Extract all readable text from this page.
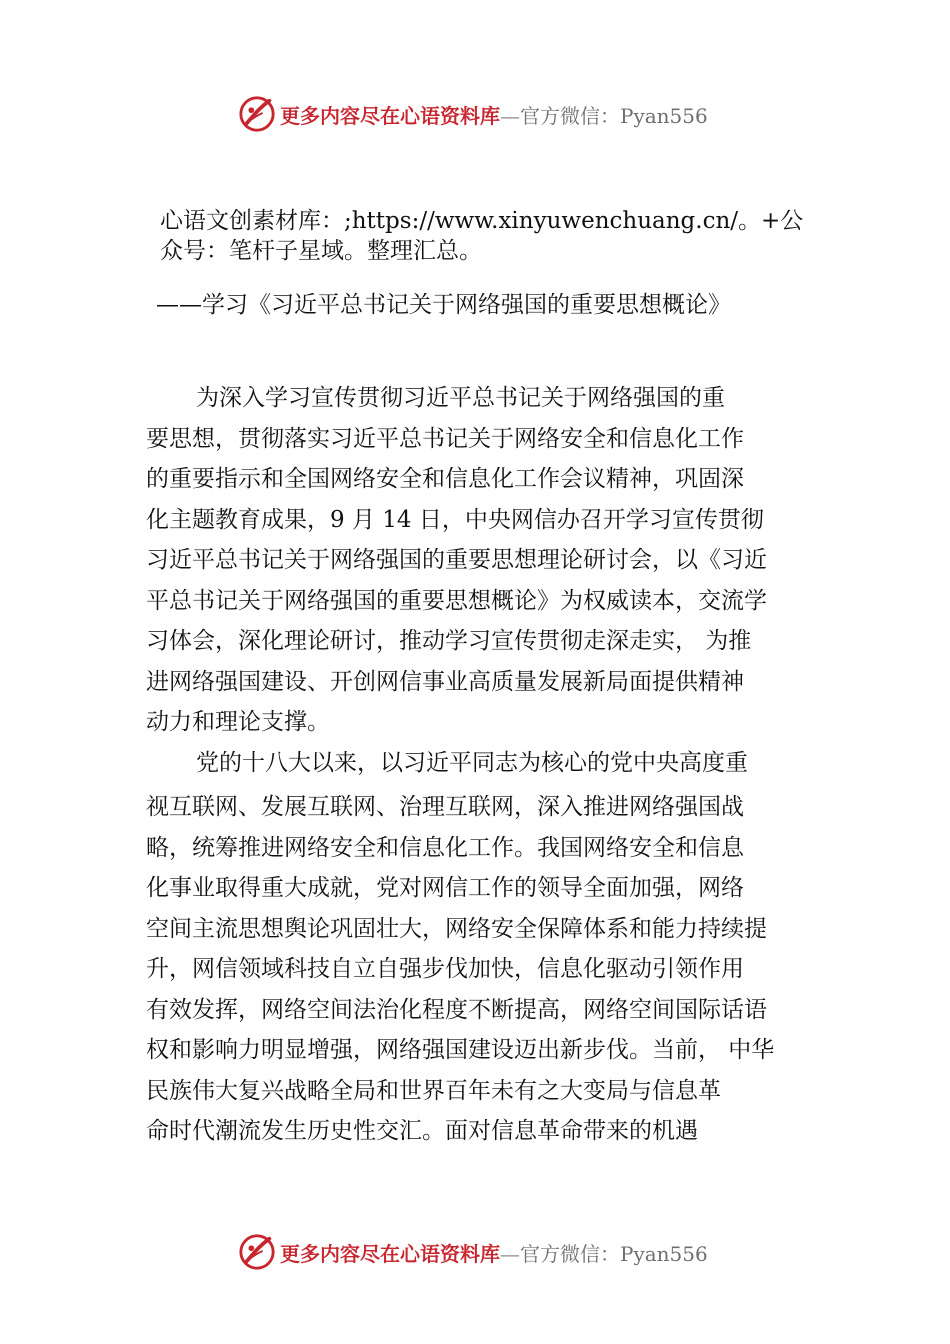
更多内容尽在心语资料库—官方微信：Pyan556

心语文创素材库：;https://www.xinyuwenchuang.cn/。+公

众号：笔杆子星域。整理汇总。

——学习《习近平总书记关于网络强国的重要思想概论》

为深入学习宣传贯彻习近平总书记关于网络强国的重

要思想，贯彻落实习近平总书记关于网络安全和信息化工作

的重要指示和全国网络安全和信息化工作会议精神，巩固深

化主题教育成果，9 月 14 日，中央网信办召开学习宣传贯彻

习近平总书记关于网络强国的重要思想理论研讨会，以《习近

平总书记关于网络强国的重要思想概论》为权威读本，交流学

习体会，深化理论研讨，推动学习宣传贯彻走深走实， 为推

进网络强国建设、开创网信事业高质量发展新局面提供精神

动力和理论支撑。

党的十八大以来，以习近平同志为核心的党中央高度重

视互联网、发展互联网、治理互联网，深入推进网络强国战

略，统筹推进网络安全和信息化工作。我国网络安全和信息

化事业取得重大成就，党对网信工作的领导全面加强，网络

空间主流思想舆论巩固壮大，网络安全保障体系和能力持续提

升，网信领域科技自立自强步伐加快，信息化驱动引领作用

有效发挥，网络空间法治化程度不断提高，网络空间国际话语

权和影响力明显增强，网络强国建设迈出新步伐。当前， 中华

民族伟大复兴战略全局和世界百年未有之大变局与信息革

命时代潮流发生历史性交汇。面对信息革命带来的机遇

更多内容尽在心语资料库—官方微信：Pyan556
